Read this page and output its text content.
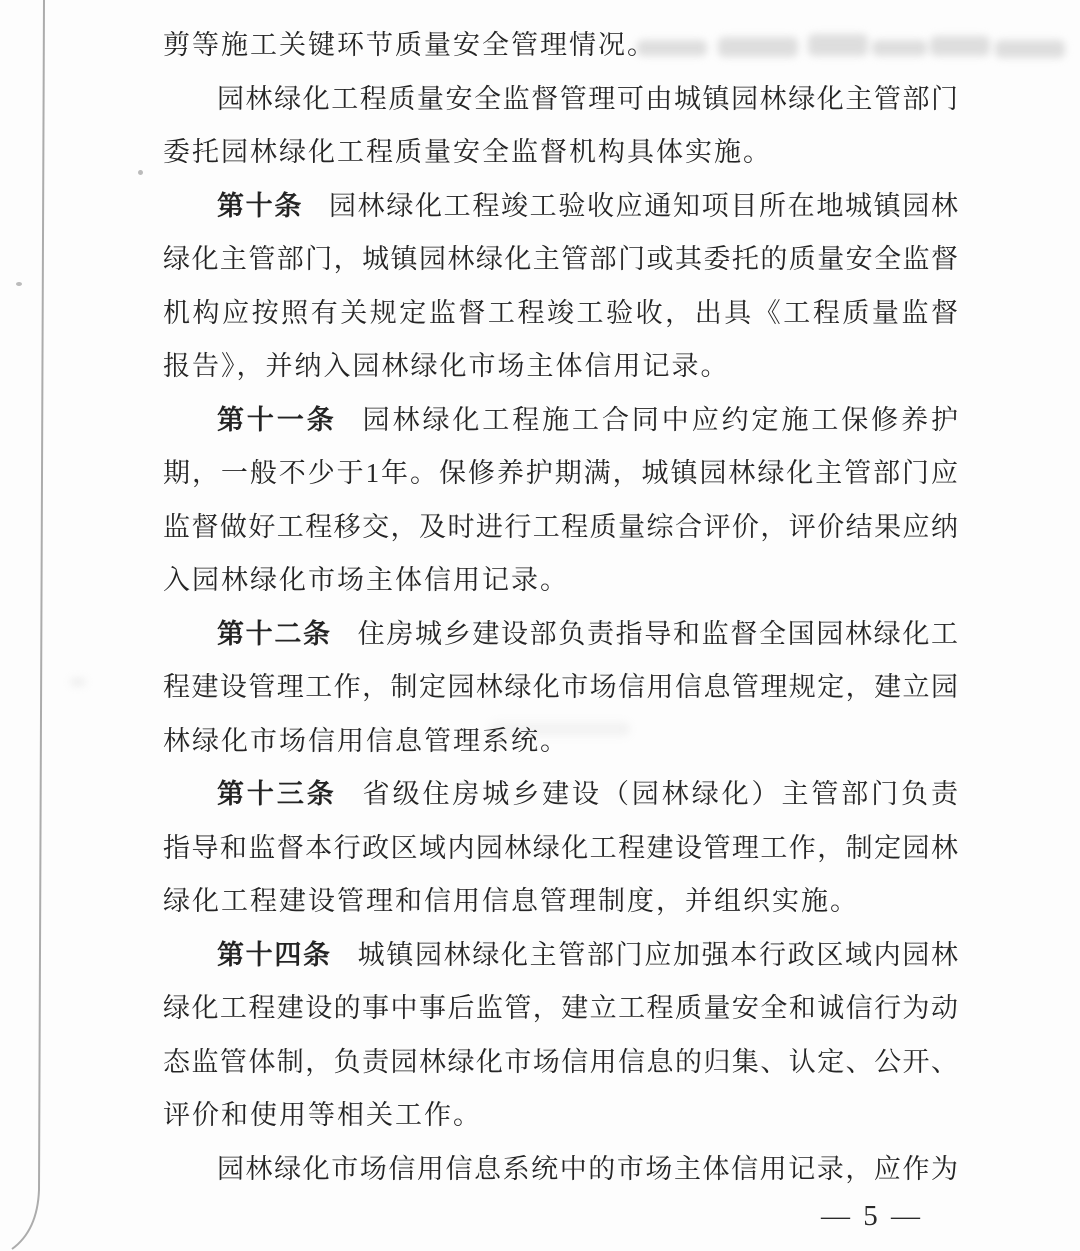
剪等施工关键环节质量安全管理情况。
园林绿化工程质量安全监督管理可由城镇园林绿化主管部门
委托园林绿化工程质量安全监督机构具体实施。
第十条 园林绿化工程竣工验收应通知项目所在地城镇园林
绿化主管部门，城镇园林绿化主管部门或其委托的质量安全监督
机构应按照有关规定监督工程竣工验收，出具《工程质量监督
报告》，并纳入园林绿化市场主体信用记录。
第十一条 园林绿化工程施工合同中应约定施工保修养护
期，一般不少于1年。保修养护期满，城镇园林绿化主管部门应
监督做好工程移交，及时进行工程质量综合评价，评价结果应纳
入园林绿化市场主体信用记录。
第十二条 住房城乡建设部负责指导和监督全国园林绿化工
程建设管理工作，制定园林绿化市场信用信息管理规定，建立园
林绿化市场信用信息管理系统。
第十三条 省级住房城乡建设（园林绿化）主管部门负责
指导和监督本行政区域内园林绿化工程建设管理工作，制定园林
绿化工程建设管理和信用信息管理制度，并组织实施。
第十四条 城镇园林绿化主管部门应加强本行政区域内园林
绿化工程建设的事中事后监管，建立工程质量安全和诚信行为动
态监管体制，负责园林绿化市场信用信息的归集、认定、公开、
评价和使用等相关工作。
园林绿化市场信用信息系统中的市场主体信用记录，应作为
— 5 —
